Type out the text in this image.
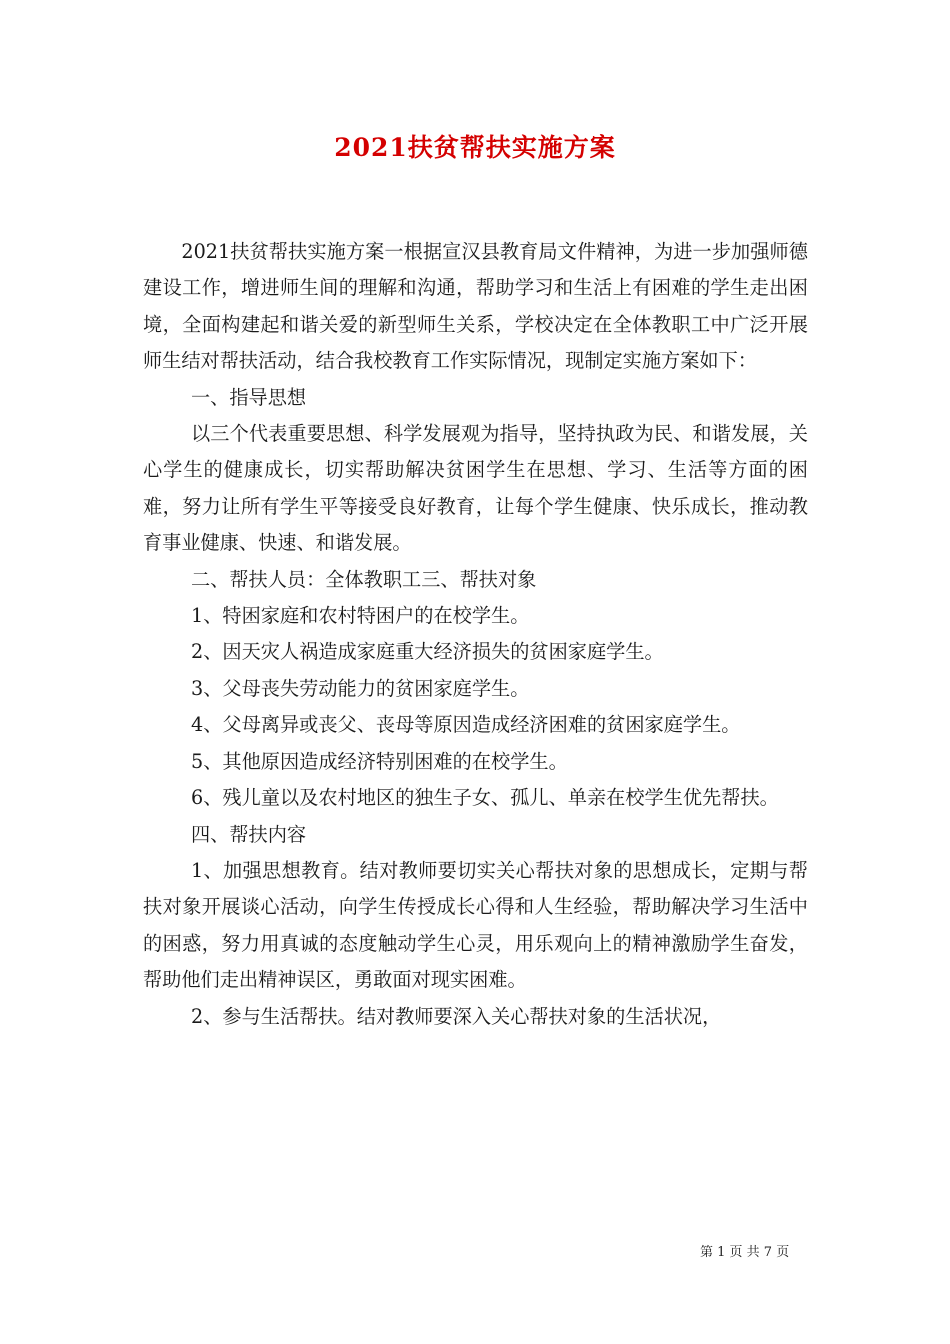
2021扶贫帮扶实施方案

2021扶贫帮扶实施方案一根据宣汉县教育局文件精神，为进一步加强师德建设工作，增进师生间的理解和沟通，帮助学习和生活上有困难的学生走出困境，全面构建起和谐关爱的新型师生关系，学校决定在全体教职工中广泛开展师生结对帮扶活动，结合我校教育工作实际情况，现制定实施方案如下：

一、指导思想

以三个代表重要思想、科学发展观为指导，坚持执政为民、和谐发展，关心学生的健康成长，切实帮助解决贫困学生在思想、学习、生活等方面的困难，努力让所有学生平等接受良好教育，让每个学生健康、快乐成长，推动教育事业健康、快速、和谐发展。

二、帮扶人员：全体教职工三、帮扶对象

1、特困家庭和农村特困户的在校学生。

2、因天灾人祸造成家庭重大经济损失的贫困家庭学生。

3、父母丧失劳动能力的贫困家庭学生。

4、父母离异或丧父、丧母等原因造成经济困难的贫困家庭学生。

5、其他原因造成经济特别困难的在校学生。

6、残儿童以及农村地区的独生子女、孤儿、单亲在校学生优先帮扶。

四、帮扶内容

1、加强思想教育。结对教师要切实关心帮扶对象的思想成长，定期与帮扶对象开展谈心活动，向学生传授成长心得和人生经验，帮助解决学习生活中的困惑，努力用真诚的态度触动学生心灵，用乐观向上的精神激励学生奋发，帮助他们走出精神误区，勇敢面对现实困难。

2、参与生活帮扶。结对教师要深入关心帮扶对象的生活状况，

第 1 页 共 7 页
